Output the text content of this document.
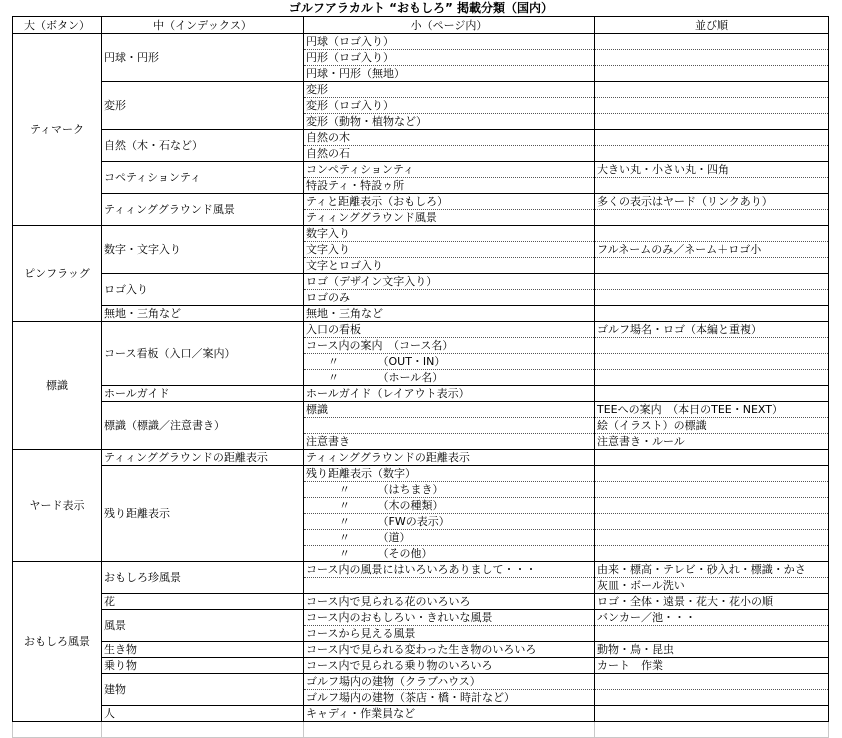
ゴルフアラカルト “おもしろ” 掲載分類（国内）
大（ボタン）	中（インデックス）	小（ページ内）	並び順
ティマーク	円球・円形	円球（ロゴ入り）	
		円形（ロゴ入り）	
		円球・円形（無地）	
	変形	変形	
		変形（ロゴ入り）	
		変形（動物・植物など）	
	自然（木・石など）	自然の木	
		自然の石	
	コペティションティ	コンペティションティ	大きい丸・小さい丸・四角
		特設ティ・特設ゥ所	
	ティィンググラウンド風景	ティと距離表示（おもしろ）	多くの表示はヤード（リンクあり）
		ティィンググラウンド風景	
ピンフラッグ	数字・文字入り	数字入り	
		文字入り	フルネームのみ／ネーム＋ロゴ小
		文字とロゴ入り	
	ロゴ入り	ロゴ（デザイン文字入り）	
		ロゴのみ	
	無地・三角など	無地・三角など	
標識	コース看板（入口／案内）	入口の看板	ゴルフ場名・ロゴ（本編と重複）
		コース内の案内　（コース名）	
		　　〃　　　　（OUT・IN）	
		　　〃　　　　（ホール名）	
	ホールガイド	ホールガイド（レイアウト表示）	
	標識（標識／注意書き）	標識	TEEへの案内　（本日のTEE・NEXT）
			絵（イラスト）の標識
		注意書き	注意書き・ルール
ヤード表示	ティィンググラウンドの距離表示	ティィンググラウンドの距離表示	
	残り距離表示	残り距離表示（数字）	
		　　　〃　　　（はちまき）	
		　　　〃　　　（木の種類）	
		　　　〃　　　（FWの表示）	
		　　　〃　　　（道）	
		　　　〃　　　（その他）	
おもしろ風景	おもしろ珍風景	コース内の風景にはいろいろありまして・・・	由来・標高・テレビ・砂入れ・標識・かさ
			灰皿・ボール洗い
	花	コース内で見られる花のいろいろ	ロゴ・全体・遠景・花大・花小の順
	風景	コース内のおもしろい・きれいな風景	バンカー／池・・・
		コースから見える風景	
	生き物	コース内で見られる変わった生き物のいろいろ	動物・鳥・昆虫
	乗り物	コース内で見られる乗り物のいろいろ	カート　作業
	建物	ゴルフ場内の建物（クラブハウス）	
		ゴルフ場内の建物（茶店・橋・時計など）	
	人	キャディ・作業員など	
